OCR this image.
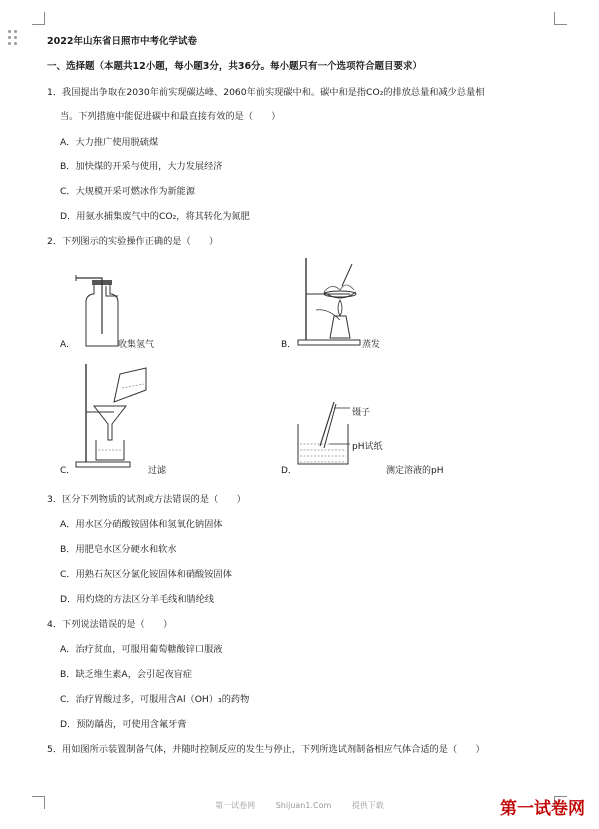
2022年山东省日照市中考化学试卷
一、选择题（本题共12小题，每小题3分，共36分。每小题只有一个选项符合题目要求）
1．我国提出争取在2030年前实现碳达峰、2060年前实现碳中和。碳中和是指CO₂的排放总量和减少总量相
当。下列措施中能促进碳中和最直接有效的是（　　）
A．大力推广使用脱硫煤
B．加快煤的开采与使用，大力发展经济
C．大规模开采可燃冰作为新能源
D．用氨水捕集废气中的CO₂，将其转化为氮肥
2．下列图示的实验操作正确的是（　　）
A．	收集氢气	B．	蒸发
C．	过滤
镊子
pH试纸
D．	测定溶液的pH
3．区分下列物质的试剂或方法错误的是（　　）
A．用水区分硝酸铵固体和氢氧化钠固体
B．用肥皂水区分硬水和软水
C．用熟石灰区分氯化铵固体和硝酸铵固体
D．用灼烧的方法区分羊毛线和腈纶线
4．下列说法错误的是（　　）
A．治疗贫血，可服用葡萄糖酸锌口服液
B．缺乏维生素A，会引起夜盲症
C．治疗胃酸过多，可服用含Al（OH）₃的药物
D．预防龋齿，可使用含氟牙膏
5．用如图所示装置制备气体，并随时控制反应的发生与停止，下列所选试剂制备相应气体合适的是（　　）
第一试卷网	Shijuan1.Com	提供下载	第一试卷网
